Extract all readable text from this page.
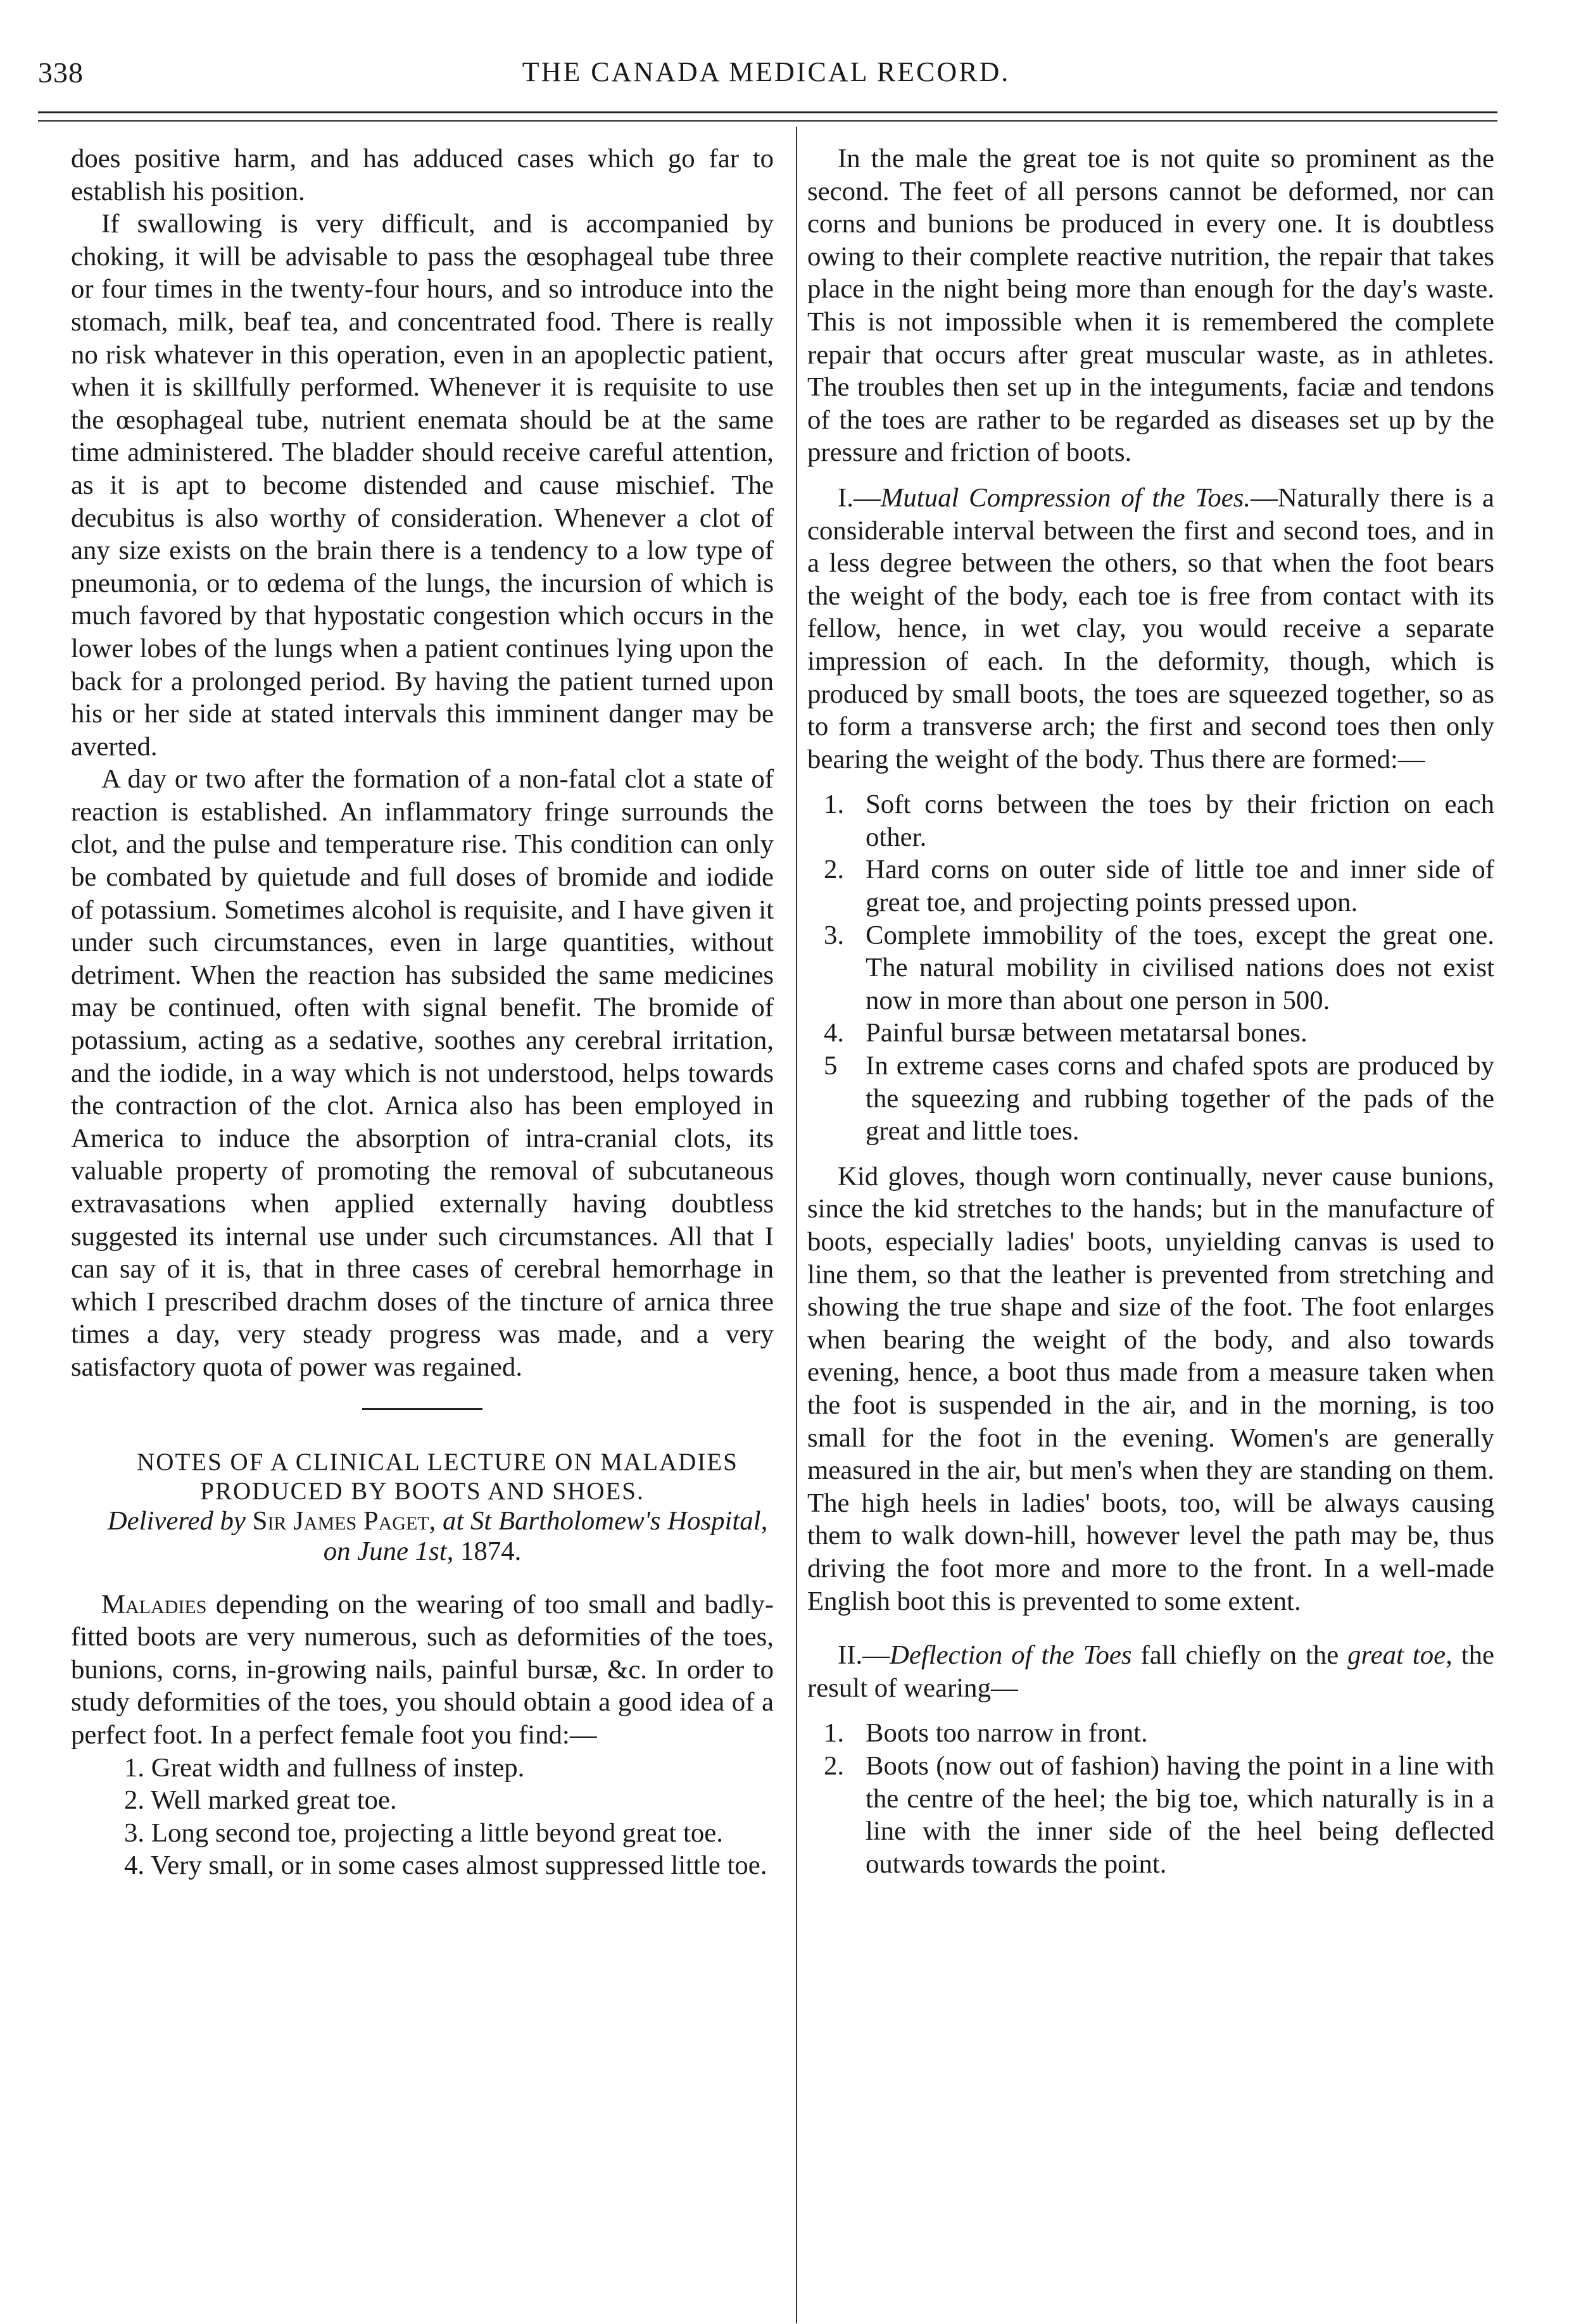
338	THE CANADA MEDICAL RECORD.

does positive harm, and has adduced cases which go far to establish his position.

If swallowing is very difficult, and is accompanied by choking, it will be advisable to pass the œsophageal tube three or four times in the twenty-four hours, and so introduce into the stomach, milk, beaf tea, and concentrated food. There is really no risk whatever in this operation, even in an apoplectic patient, when it is skillfully performed. Whenever it is requisite to use the œsophageal tube, nutrient enemata should be at the same time administered. The bladder should receive careful attention, as it is apt to become distended and cause mischief. The decubitus is also worthy of consideration. Whenever a clot of any size exists on the brain there is a tendency to a low type of pneumonia, or to œdema of the lungs, the incursion of which is much favored by that hypostatic congestion which occurs in the lower lobes of the lungs when a patient continues lying upon the back for a prolonged period. By having the patient turned upon his or her side at stated intervals this imminent danger may be averted.

A day or two after the formation of a non-fatal clot a state of reaction is established. An inflammatory fringe surrounds the clot, and the pulse and temperature rise. This condition can only be combated by quietude and full doses of bromide and iodide of potassium. Sometimes alcohol is requisite, and I have given it under such circumstances, even in large quantities, without detriment. When the reaction has subsided the same medicines may be continued, often with signal benefit. The bromide of potassium, acting as a sedative, soothes any cerebral irritation, and the iodide, in a way which is not understood, helps towards the contraction of the clot. Arnica also has been employed in America to induce the absorption of intra-cranial clots, its valuable property of promoting the removal of subcutaneous extravasations when applied externally having doubtless suggested its internal use under such circumstances. All that I can say of it is, that in three cases of cerebral hemorrhage in which I prescribed drachm doses of the tincture of arnica three times a day, very steady progress was made, and a very satisfactory quota of power was regained.

NOTES OF A CLINICAL LECTURE ON MALADIES
PRODUCED BY BOOTS AND SHOES.

Delivered by Sir James Paget, at St Bartholomew's Hospital, on June 1st, 1874.

Maladies depending on the wearing of too small and badly-fitted boots are very numerous, such as deformities of the toes, bunions, corns, in-growing nails, painful bursæ, &c. In order to study deformities of the toes, you should obtain a good idea of a perfect foot. In a perfect female foot you find:—

1. Great width and fullness of instep.

2. Well marked great toe.

3. Long second toe, projecting a little beyond great toe.

4. Very small, or in some cases almost suppressed little toe.

In the male the great toe is not quite so prominent as the second. The feet of all persons cannot be deformed, nor can corns and bunions be produced in every one. It is doubtless owing to their complete reactive nutrition, the repair that takes place in the night being more than enough for the day's waste. This is not impossible when it is remembered the complete repair that occurs after great muscular waste, as in athletes. The troubles then set up in the integuments, faciæ and tendons of the toes are rather to be regarded as diseases set up by the pressure and friction of boots.

I.—Mutual Compression of the Toes.—Naturally there is a considerable interval between the first and second toes, and in a less degree between the others, so that when the foot bears the weight of the body, each toe is free from contact with its fellow, hence, in wet clay, you would receive a separate impression of each. In the deformity, though, which is produced by small boots, the toes are squeezed together, so as to form a transverse arch; the first and second toes then only bearing the weight of the body. Thus there are formed:—

1. Soft corns between the toes by their friction on each other.
2. Hard corns on outer side of little toe and inner side of great toe, and projecting points pressed upon.
3. Complete immobility of the toes, except the great one. The natural mobility in civilised nations does not exist now in more than about one person in 500.
4. Painful bursæ between metatarsal bones.
5	In extreme cases corns and chafed spots are produced by the squeezing and rubbing together of the pads of the great and little toes.

Kid gloves, though worn continually, never cause bunions, since the kid stretches to the hands; but in the manufacture of boots, especially ladies' boots, unyielding canvas is used to line them, so that the leather is prevented from stretching and showing the true shape and size of the foot. The foot enlarges when bearing the weight of the body, and also towards evening, hence, a boot thus made from a measure taken when the foot is suspended in the air, and in the morning, is too small for the foot in the evening. Women's are generally measured in the air, but men's when they are standing on them. The high heels in ladies' boots, too, will be always causing them to walk down-hill, however level the path may be, thus driving the foot more and more to the front. In a well-made English boot this is prevented to some extent.

II.—Deflection of the Toes fall chiefly on the great toe, the result of wearing—

1. Boots too narrow in front.
2. Boots (now out of fashion) having the point in a line with the centre of the heel; the big toe, which naturally is in a line with the inner side of the heel being deflected outwards towards the point.
